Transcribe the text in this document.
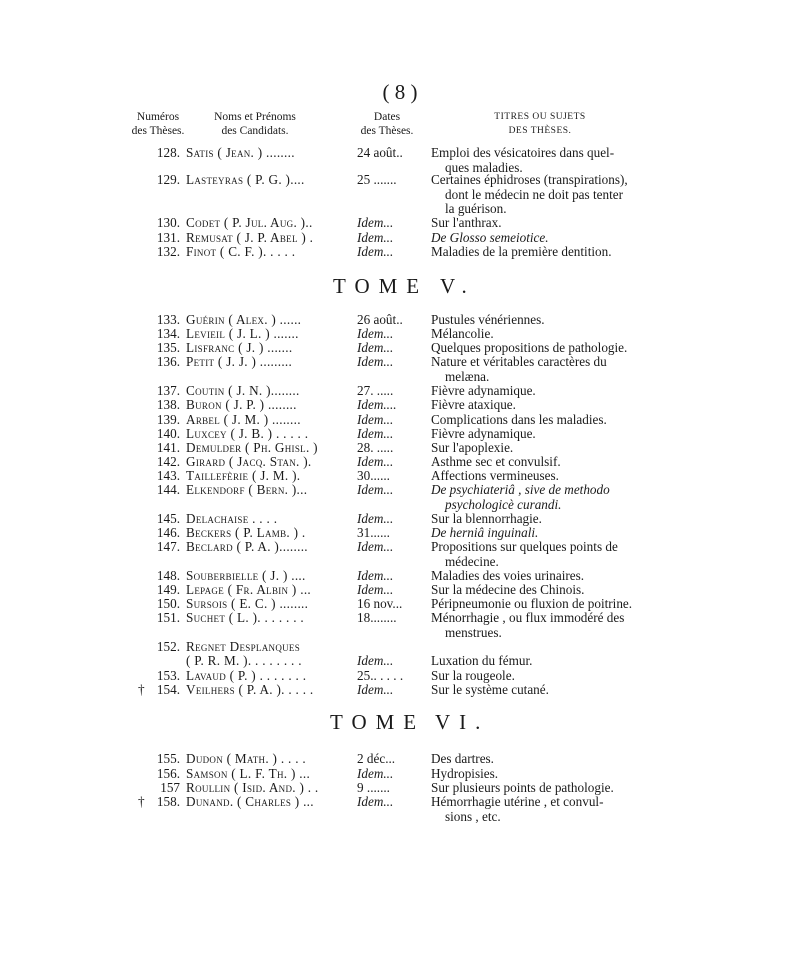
( 8 )
Numéros
des Thèses.
Noms et Prénoms
des Candidats.
Dates
des Thèses.
TITRES OU SUJETS
DES THÈSES.
128. Satis ( Jean. ) ........	24 août.. Emploi des vésicatoires dans quel-
ques maladies.
129. Lasteyras ( P. G. )....	25 .......	Certaines éphidroses (transpirations),
dont le médecin ne doit pas tenter
la guérison.
130. Codet ( P. Jul. Aug. )..	Idem...	Sur l'anthrax.
131. Remusat ( J. P. Abel ) .	Idem...	De Glosso semeiotice.
132. Finot ( C. F. ). . . . .	Idem...	Maladies de la première dentition.
TOME V.
133. Guérin ( Alex. ) ......	26 août.. Pustules vénériennes.
134. Levieil ( J. L. ) .......	Idem...	Mélancolie.
135. Lisfranc ( J. ) .......	Idem...	Quelques propositions de pathologie.
136. Petit ( J. J. ) .........	Idem...	Nature et véritables caractères du
melæna.
137. Coutin ( J. N. )........	27. .....	Fièvre adynamique.
138. Buron ( J. P. ) ........	Idem....	Fièvre ataxique.
139. Arbel ( J. M. ) ........	Idem...	Complications dans les maladies.
140. Luxcey ( J. B. ) . . . . .	Idem...	Fièvre adynamique.
141. Demulder ( Ph. Ghisl. )	28. .....	Sur l'apoplexie.
142. Girard ( Jacq. Stan. ).	Idem...	Asthme sec et convulsif.
143. Taillefèrie ( J. M. ).	30......	Affections vermineuses.
144. Elkendorf ( Bern. )...	Idem...	De psychiateriâ , sive de methodo
psychologicè curandi.
145. Delachaise . . . .	Idem...	Sur la blennorrhagie.
146. Beckers ( P. Lamb. ) .	31......	De herniâ inguinali.
147. Beclard ( P. A. )........	Idem...	Propositions sur quelques points de
médecine.
148. Souberbielle ( J. ) ....	Idem...	Maladies des voies urinaires.
149. Lepage ( Fr. Albin ) ...	Idem...	Sur la médecine des Chinois.
150. Sursois ( E. C. ) ........	16 nov... Péripneumonie ou fluxion de poitrine.
151. Suchet ( L. ). . . . . . .	18........	Ménorrhagie , ou flux immodéré des
menstrues.
152. Regnet Desplanques
( P. R. M. ). . . . . . . .	Idem...	Luxation du fémur.
153. Lavaud ( P. ) . . . . . . .	25.. . . . . Sur la rougeole.
† 154. Veilhers ( P. A. ). . . . .	Idem...	Sur le système cutané.
TOME VI.
155. Dudon ( Math. ) . . . .	2 déc...	Des dartres.
156. Samson ( L. F. Th. ) ...	Idem...	Hydropisies.
157 Roullin ( Isid. And. ) . .	9 .......	Sur plusieurs points de pathologie.
† 158. Dunand. ( Charles ) ...	Idem...	Hémorrhagie utérine , et convul-
sions , etc.
